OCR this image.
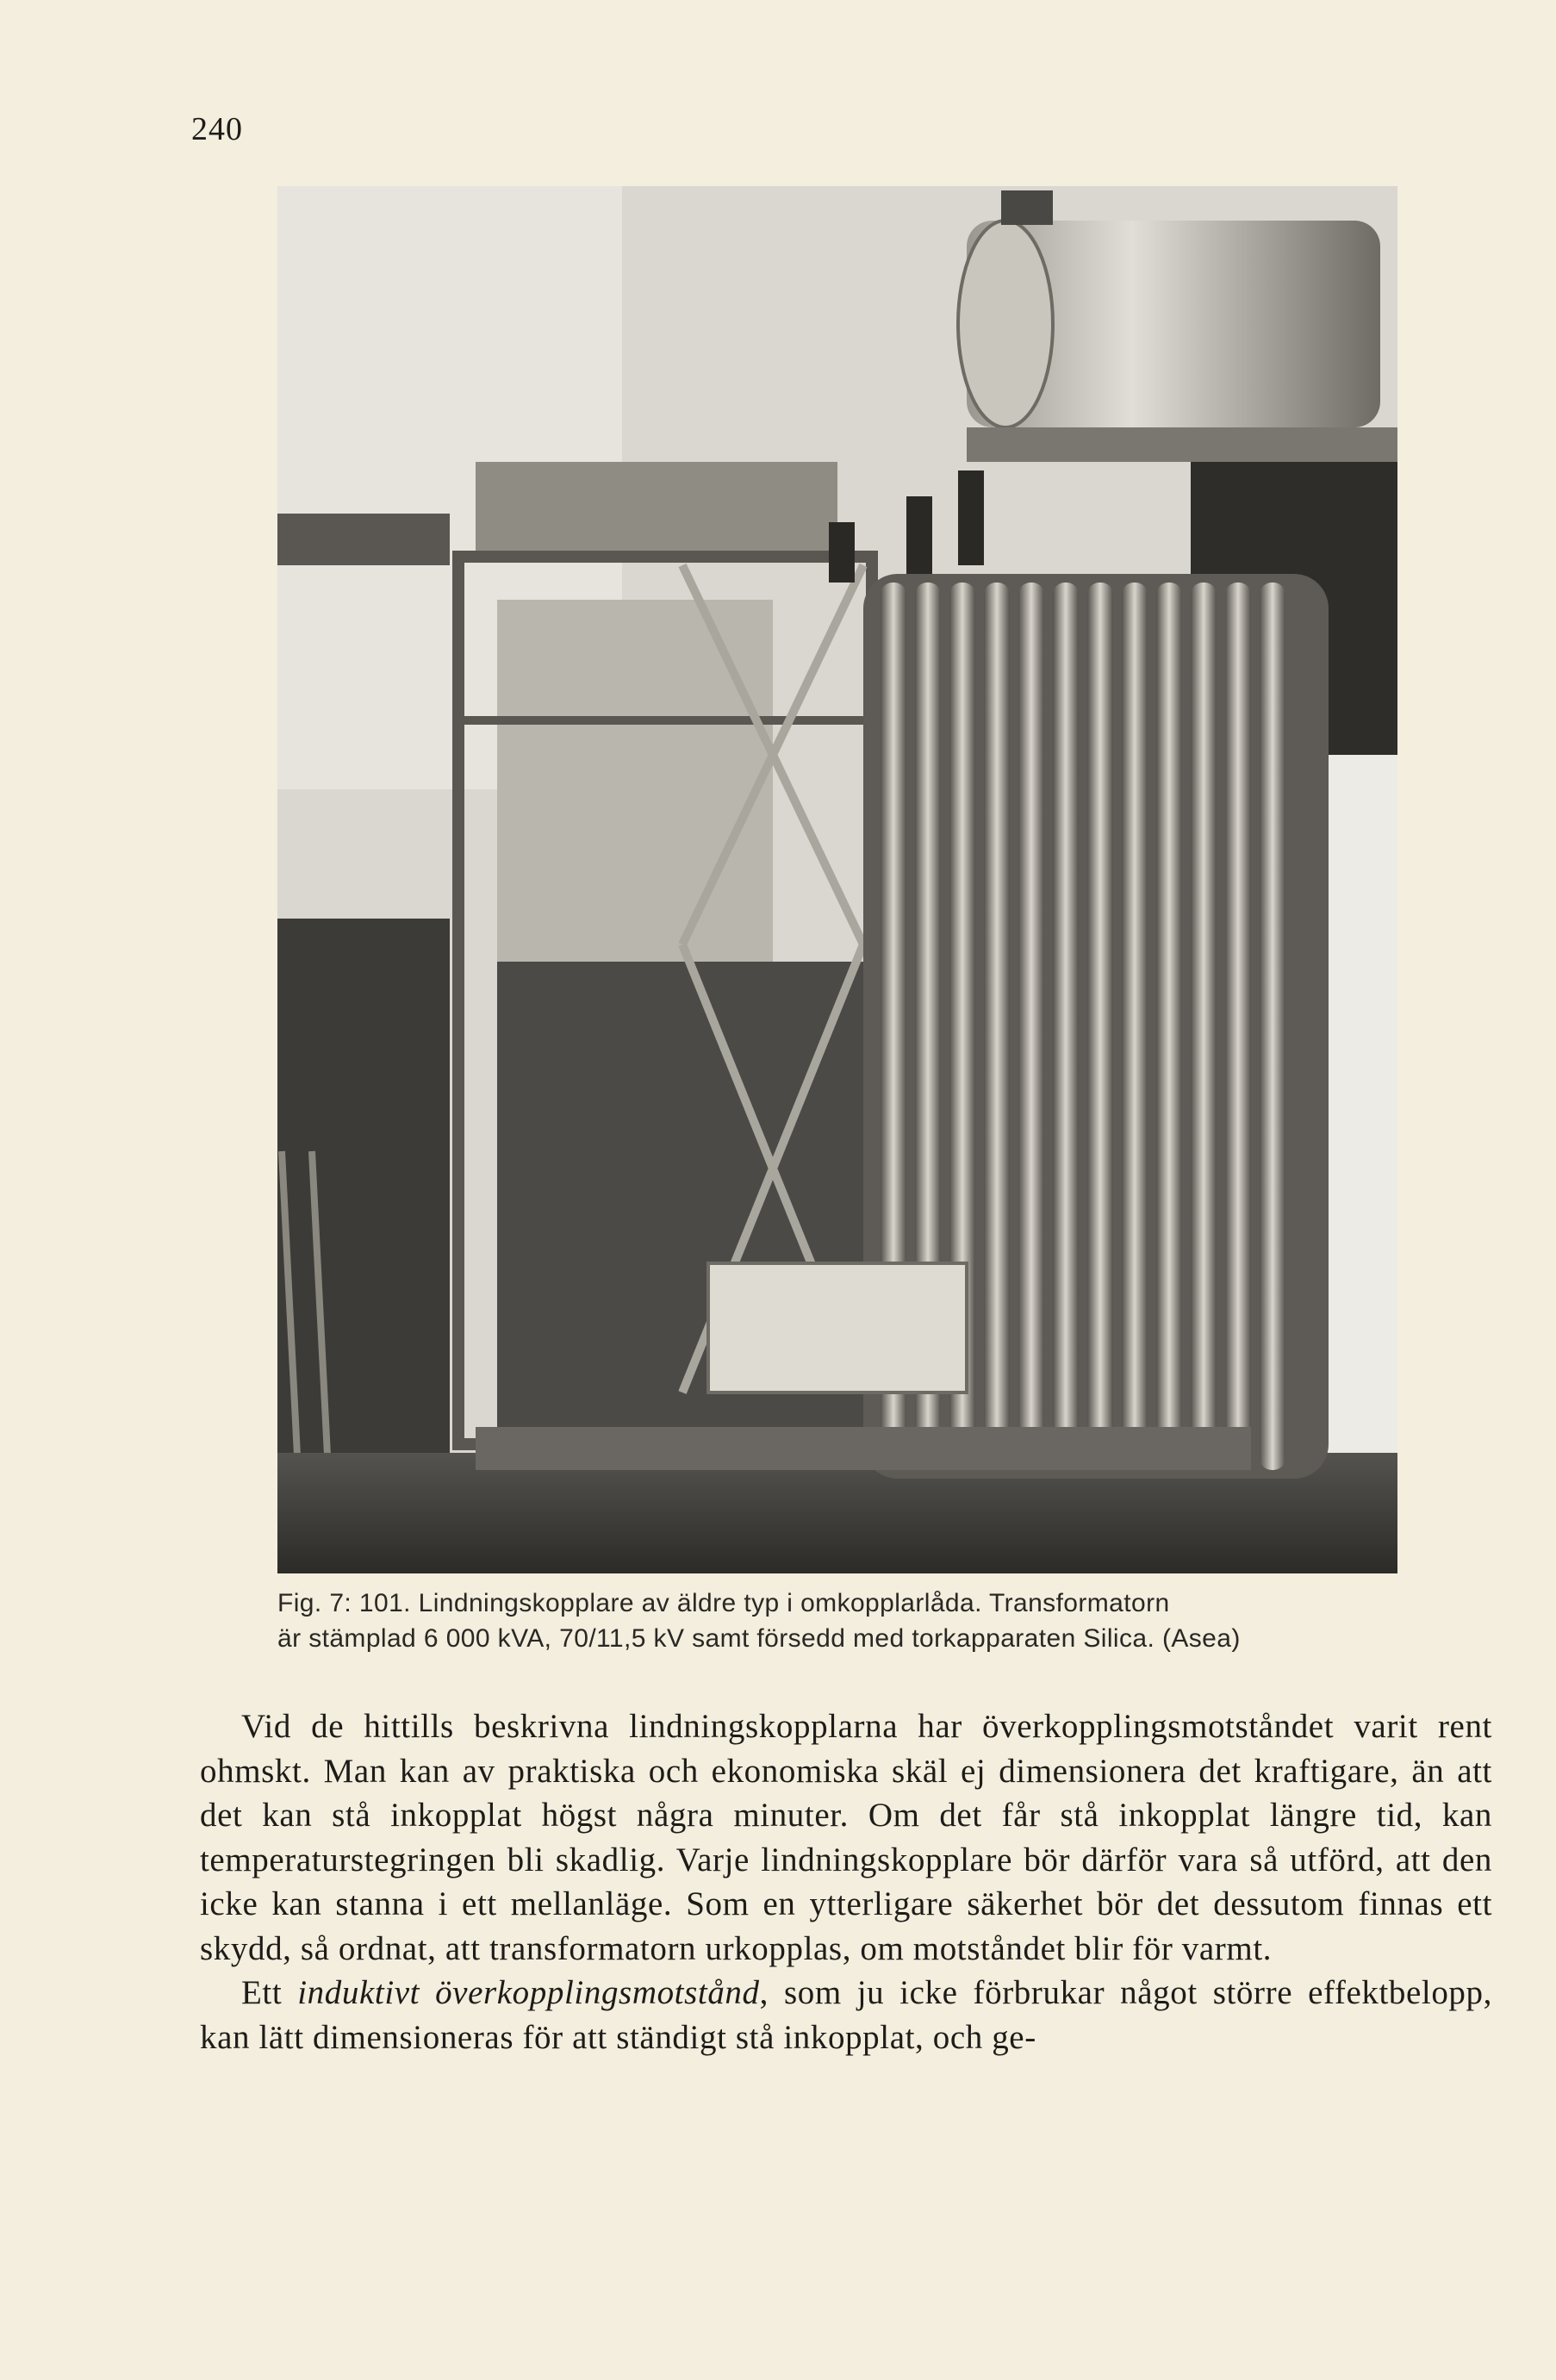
240

Fig. 7: 101. Lindningskopplare av äldre typ i omkopplarlåda. Transformatorn

är stämplad 6 000 kVA, 70/11,5 kV samt försedd med torkapparaten Silica. (Asea)

Vid de hittills beskrivna lindningskopplarna har överkopplingsmotståndet varit rent ohmskt. Man kan av praktiska och ekonomiska skäl ej dimensionera det kraftigare, än att det kan stå inkopplat högst några minuter. Om det får stå inkopplat längre tid, kan temperaturstegringen bli skadlig. Varje lindningskopplare bör därför vara så utförd, att den icke kan stanna i ett mellanläge. Som en ytterligare säkerhet bör det dessutom finnas ett skydd, så ordnat, att transformatorn urkopplas, om motståndet blir för varmt.

Ett induktivt överkopplingsmotstånd, som ju icke förbrukar något större effektbelopp, kan lätt dimensioneras för att ständigt stå inkopplat, och ge-
